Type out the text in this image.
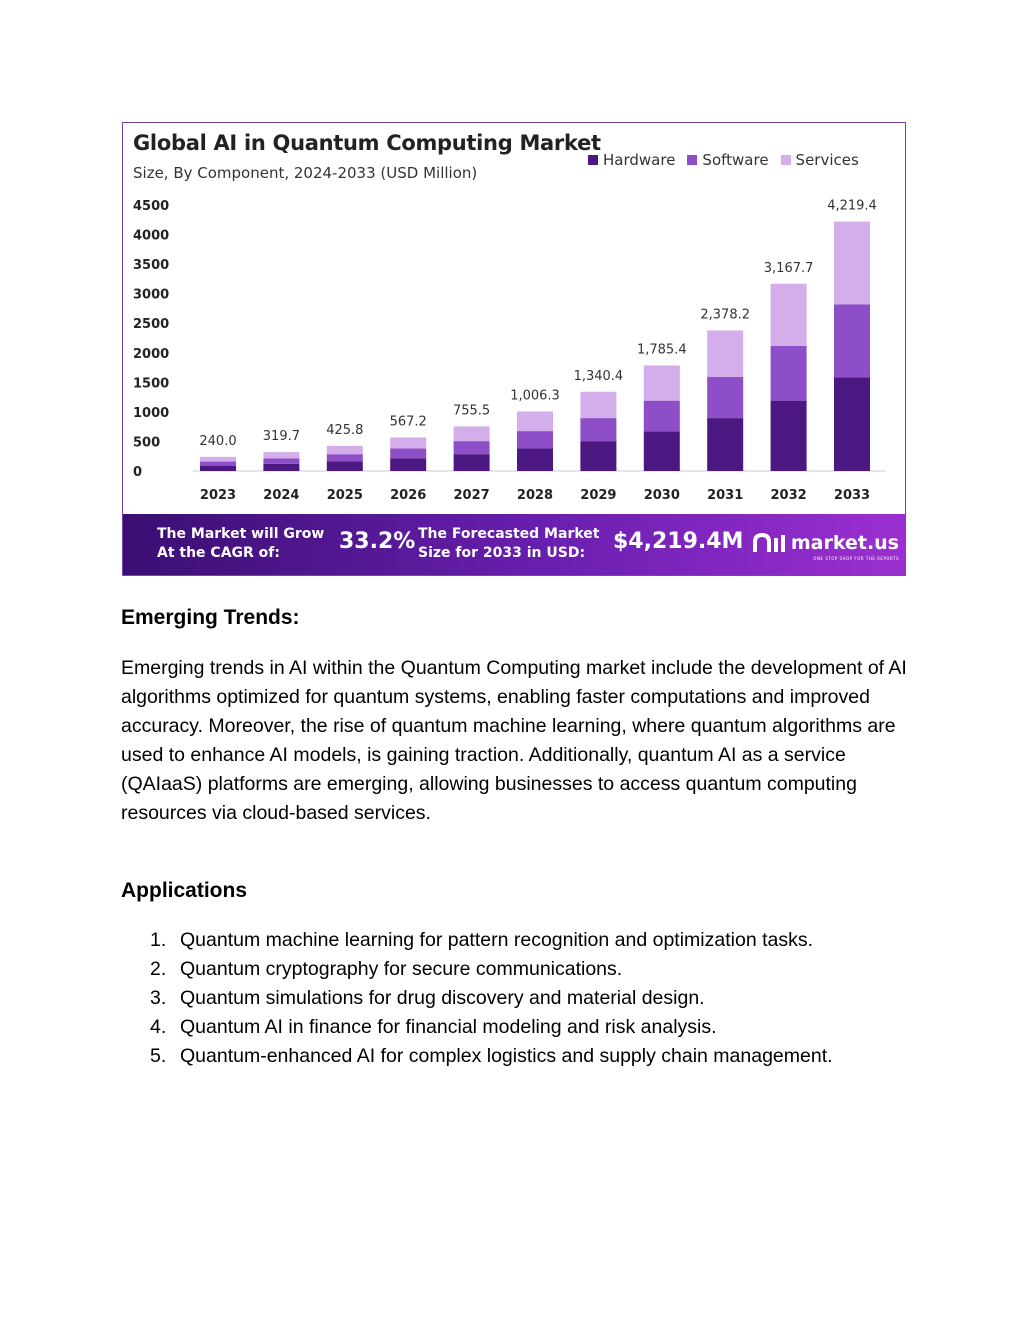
Global AI in Quantum Computing Market
Size, By Component, 2024-2033 (USD Million)
Hardware Software Services
4500
4000
3500
3000
2500
2000
1500
1000
500
0
240.0
2023
319.7
2024
425.8
2025
567.2
2026
755.5
2027
1,006.3
2028
1,340.4
2029
1,785.4
2030
2,378.2
2031
3,167.7
2032
4,219.4
2033
The Market will Grow
At the CAGR of:	33.2% The Forecasted Market
Size for 2033 in USD:	$4,219.4M market.us
ONE STOP SHOP FOR THE REPORTS
Emerging Trends:

Emerging trends in AI within the Quantum Computing market include the development of AI algorithms optimized for quantum systems, enabling faster computations and improved accuracy. Moreover, the rise of quantum machine learning, where quantum algorithms are used to enhance AI models, is gaining traction. Additionally, quantum AI as a service (QAIaaS) platforms are emerging, allowing businesses to access quantum computing resources via cloud-based services.

Applications
1. Quantum machine learning for pattern recognition and optimization tasks.
2. Quantum cryptography for secure communications.
3. Quantum simulations for drug discovery and material design.
4. Quantum AI in finance for financial modeling and risk analysis.
5. Quantum-enhanced AI for complex logistics and supply chain management.
